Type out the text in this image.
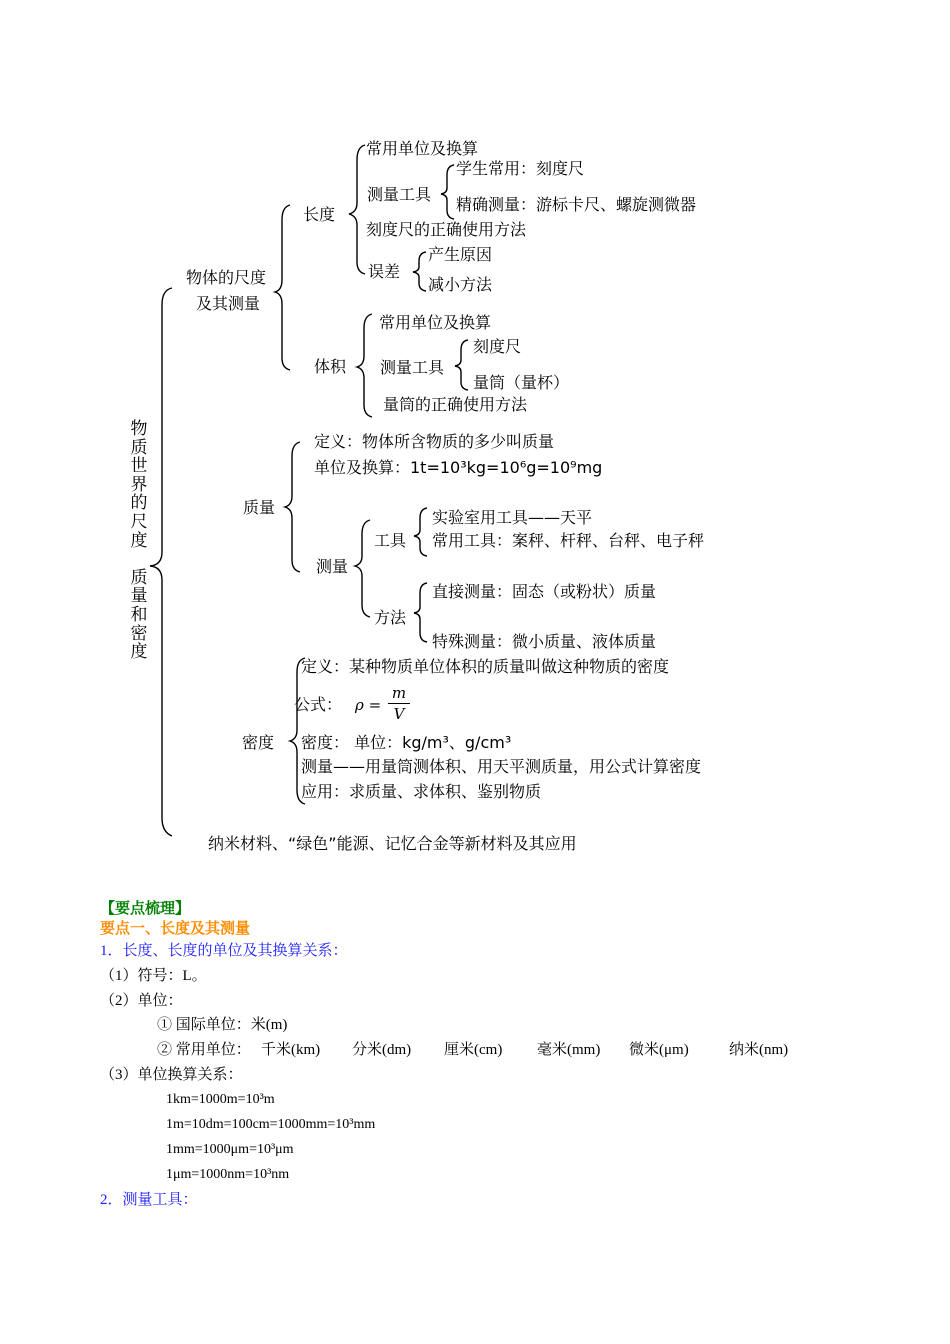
物
质
世
界
的
尺
度

质
量
和
密
度
物体的尺度
及其测量
长度
常用单位及换算
测量工具
学生常用：刻度尺
精确测量：游标卡尺、螺旋测微器
刻度尺的正确使用方法
误差
产生原因
减小方法
体积
常用单位及换算
测量工具
刻度尺
量筒（量杯）
量筒的正确使用方法
质量
定义：物体所含物质的多少叫质量
单位及换算：1t=10³kg=10⁶g=10⁹mg
测量
工具
实验室用工具——天平
常用工具：案秤、杆秤、台秤、电子秤
方法
直接测量：固态（或粉状）质量
特殊测量：微小质量、液体质量
密度
定义：某种物质单位体积的质量叫做这种物质的密度
公式： ρ =
m
V
密度： 单位：kg/m³、g/cm³
测量——用量筒测体积、用天平测质量，用公式计算密度
应用：求质量、求体积、鉴别物质
纳米材料、“绿色”能源、记忆合金等新材料及其应用
【要点梳理】
要点一、长度及其测量
1．长度、长度的单位及其换算关系：
（1）符号：L。
（2）单位：
① 国际单位：米(m)
② 常用单位： 千米(km) 分米(dm) 厘米(cm) 毫米(mm) 微米(μm)	纳米(nm)
（3）单位换算关系：
1km=1000m=10³m
1m=10dm=100cm=1000mm=10³mm
1mm=1000μm=10³μm
1μm=1000nm=10³nm
2．测量工具：
